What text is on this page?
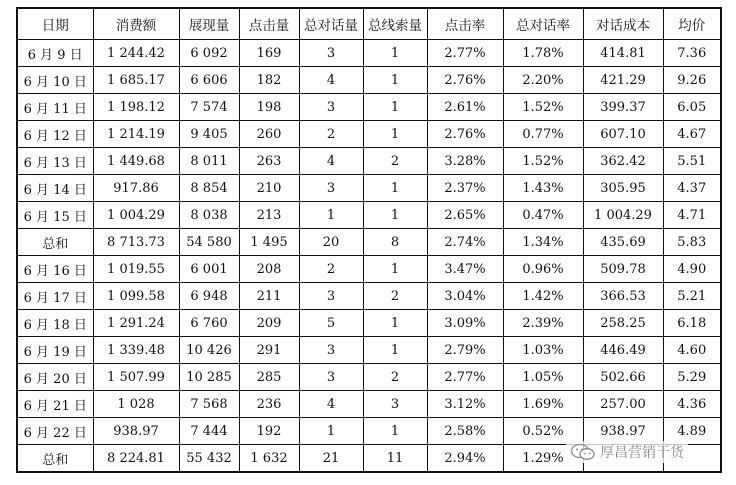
日期	消费额	展现量	点击量	总对话量	总线索量	点击率	总对话率	对话成本	均价
6 月 9 日	1 244.42	6 092	169	3	1	2.77%	1.78%	414.81	7.36
6 月 10 日	1 685.17	6 606	182	4	1	2.76%	2.20%	421.29	9.26
6 月 11 日	1 198.12	7 574	198	3	1	2.61%	1.52%	399.37	6.05
6 月 12 日	1 214.19	9 405	260	2	1	2.76%	0.77%	607.10	4.67
6 月 13 日	1 449.68	8 011	263	4	2	3.28%	1.52%	362.42	5.51
6 月 14 日	917.86	8 854	210	3	1	2.37%	1.43%	305.95	4.37
6 月 15 日	1 004.29	8 038	213	1	1	2.65%	0.47%	1 004.29	4.71
总和	8 713.73	54 580	1 495	20	8	2.74%	1.34%	435.69	5.83
6 月 16 日	1 019.55	6 001	208	2	1	3.47%	0.96%	509.78	4.90
6 月 17 日	1 099.58	6 948	211	3	2	3.04%	1.42%	366.53	5.21
6 月 18 日	1 291.24	6 760	209	5	1	3.09%	2.39%	258.25	6.18
6 月 19 日	1 339.48	10 426	291	3	1	2.79%	1.03%	446.49	4.60
6 月 20 日	1 507.99	10 285	285	3	2	2.77%	1.05%	502.66	5.29
6 月 21 日	1 028	7 568	236	4	3	3.12%	1.69%	257.00	4.36
6 月 22 日	938.97	7 444	192	1	1	2.58%	0.52%	938.97	4.89
总和	8 224.81	55 432	1 632	21	11	2.94%	1.29%			厚昌营销干货
